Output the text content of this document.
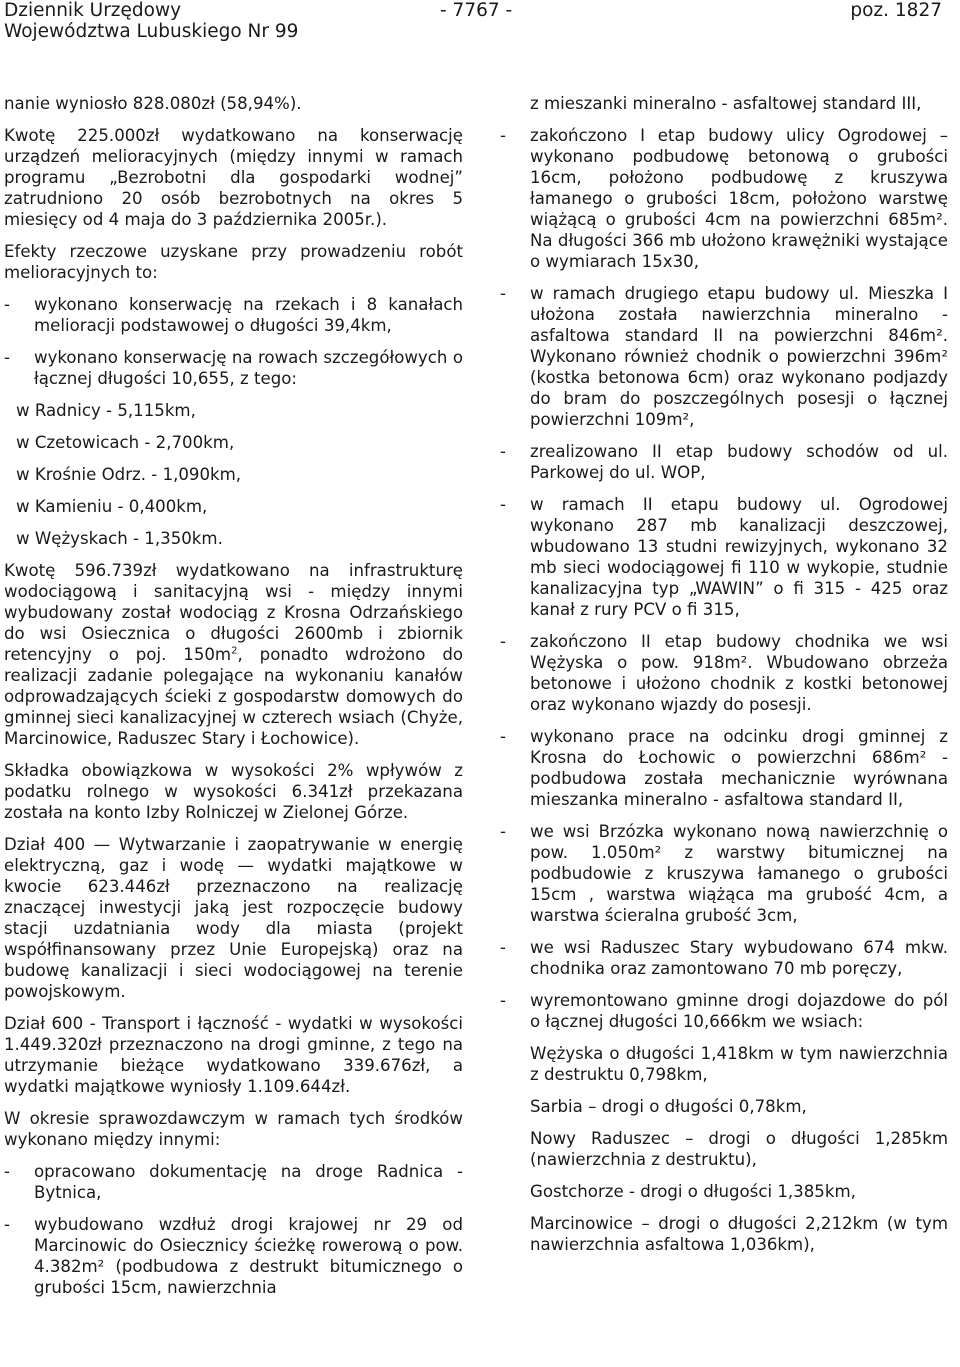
Dziennik Urzędowy
Województwa Lubuskiego Nr 99
- 7767 -	poz. 1827

nanie wyniosło 828.080zł (58,94%).

Kwotę 225.000zł wydatkowano na konserwację urządzeń melioracyjnych (między innymi w ramach programu „Bezrobotni dla gospodarki wodnej” zatrudniono 20 osób bezrobotnych na okres 5 miesięcy od 4 maja do 3 października 2005r.).

Efekty rzeczowe uzyskane przy prowadzeniu robót melioracyjnych to:

- wykonano konserwację na rzekach i 8 kanałach melioracji podstawowej o długości 39,4km,
- wykonano konserwację na rowach szczegółowych o łącznej długości 10,655, z tego:

w Radnicy - 5,115km,

w Czetowicach - 2,700km,

w Krośnie Odrz. - 1,090km,

w Kamieniu - 0,400km,

w Wężyskach - 1,350km.

Kwotę 596.739zł wydatkowano na infrastrukturę wodociągową i sanitacyjną wsi - między innymi wybudowany został wodociąg z Krosna Odrzańskiego do wsi Osiecznica o długości 2600mb i zbiornik retencyjny o poj. $150m^2$, ponadto wdrożono do realizacji zadanie polegające na wykonaniu kanałów odprowadzających ścieki z gospodarstw domowych do gminnej sieci kanalizacyjnej w czterech wsiach (Chyże, Marcinowice, Raduszec Stary i Łochowice).

Składka obowiązkowa w wysokości 2% wpływów z podatku rolnego w wysokości 6.341zł przekazana została na konto Izby Rolniczej w Zielonej Górze.

Dział 400 — Wytwarzanie i zaopatrywanie w energię elektryczną, gaz i wodę — wydatki majątkowe w kwocie 623.446zł przeznaczono na realizację znaczącej inwestycji jaką jest rozpoczęcie budowy stacji uzdatniania wody dla miasta (projekt współfinansowany przez Unie Europejską) oraz na budowę kanalizacji i sieci wodociągowej na terenie powojskowym.

Dział 600 - Transport i łączność - wydatki w wysokości 1.449.320zł przeznaczono na drogi gminne, z tego na utrzymanie bieżące wydatkowano 339.676zł, a wydatki majątkowe wyniosły 1.109.644zł.

W okresie sprawozdawczym w ramach tych środków wykonano między innymi:

- opracowano dokumentację na droge Radnica - Bytnica,
- wybudowano wzdłuż drogi krajowej nr 29 od Marcinowic do Osiecznicy ścieżkę rowerową o pow. 4.382m² (podbudowa z destrukt bitumicznego o grubości 15cm, nawierzchnia

z mieszanki mineralno - asfaltowej standard III,

- zakończono I etap budowy ulicy Ogrodowej – wykonano podbudowę betonową o grubości 16cm, położono podbudowę z kruszywa łamanego o grubości 18cm, położono warstwę wiążącą o grubości 4cm na powierzchni 685m². Na długości 366 mb ułożono krawężniki wystające o wymiarach 15x30,
- w ramach drugiego etapu budowy ul. Mieszka I ułożona została nawierzchnia mineralno - asfaltowa standard II na powierzchni 846m². Wykonano również chodnik o powierzchni 396m² (kostka betonowa 6cm) oraz wykonano podjazdy do bram do poszczególnych posesji o łącznej powierzchni 109m²,
- zrealizowano II etap budowy schodów od ul. Parkowej do ul. WOP,
- w ramach II etapu budowy ul. Ogrodowej wykonano 287 mb kanalizacji deszczowej, wbudowano 13 studni rewizyjnych, wykonano 32 mb sieci wodociągowej fi 110 w wykopie, studnie kanalizacyjna typ „WAWIN” o fi 315 - 425 oraz kanał z rury PCV o fi 315,
- zakończono II etap budowy chodnika we wsi Wężyska o pow. 918m². Wbudowano obrzeża betonowe i ułożono chodnik z kostki betonowej oraz wykonano wjazdy do posesji.
- wykonano prace na odcinku drogi gminnej z Krosna do Łochowic o powierzchni 686m² - podbudowa została mechanicznie wyrównana mieszanka mineralno - asfaltowa standard II,
- we wsi Brzózka wykonano nową nawierzchnię o pow. 1.050m² z warstwy bitumicznej na podbudowie z kruszywa łamanego o grubości 15cm , warstwa wiążąca ma grubość 4cm, a warstwa ścieralna grubość 3cm,
- we wsi Raduszec Stary wybudowano 674 mkw. chodnika oraz zamontowano 70 mb poręczy,
- wyremontowano gminne drogi dojazdowe do pól o łącznej długości 10,666km we wsiach:

Wężyska o długości 1,418km w tym nawierzchnia z destruktu 0,798km,

Sarbia – drogi o długości 0,78km,

Nowy Raduszec – drogi o długości 1,285km (nawierzchnia z destruktu),

Gostchorze - drogi o długości 1,385km,

Marcinowice – drogi o długości 2,212km (w tym nawierzchnia asfaltowa 1,036km),
